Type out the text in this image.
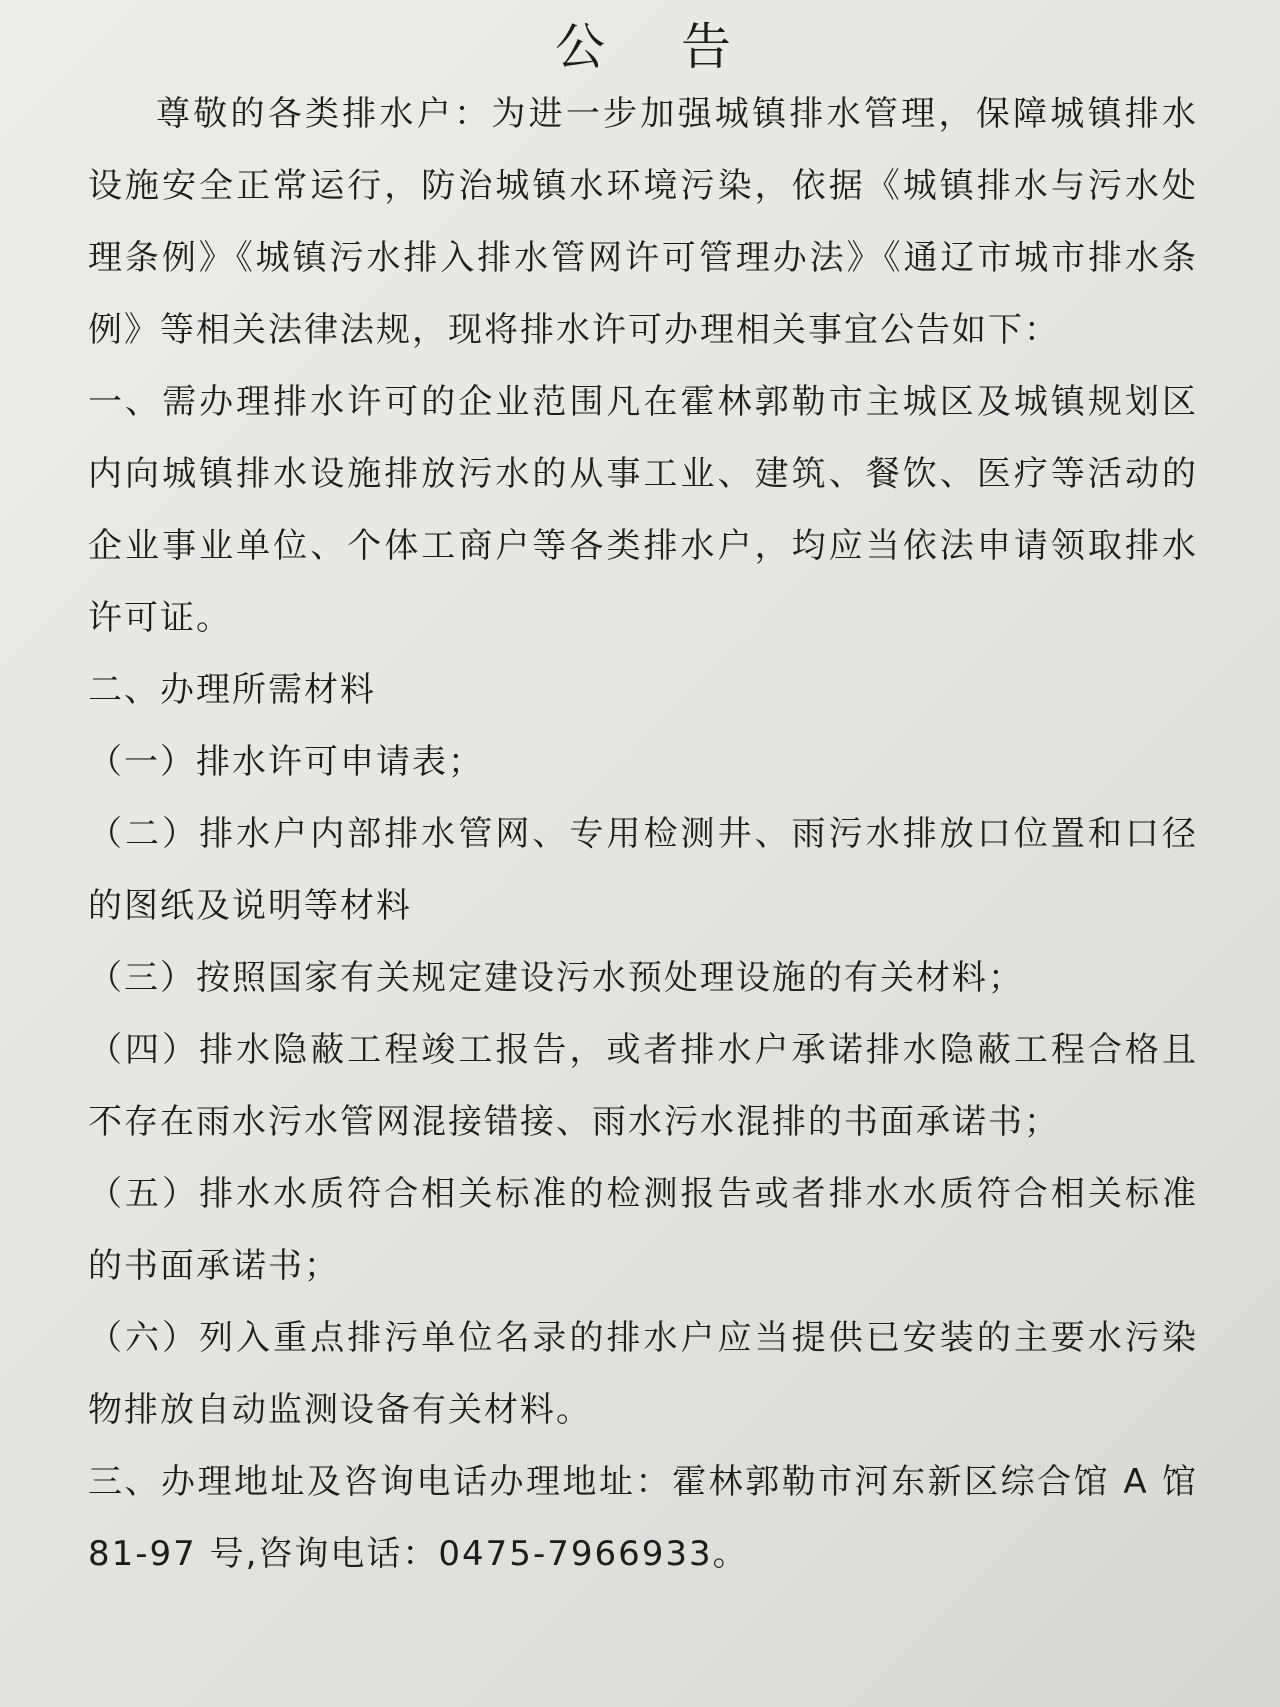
公 告

尊敬的各类排水户：为进一步加强城镇排水管理，保障城镇排水设施安全正常运行，防治城镇水环境污染，依据《城镇排水与污水处理条例》《城镇污水排入排水管网许可管理办法》《通辽市城市排水条例》等相关法律法规，现将排水许可办理相关事宜公告如下：

一、需办理排水许可的企业范围凡在霍林郭勒市主城区及城镇规划区内向城镇排水设施排放污水的从事工业、建筑、餐饮、医疗等活动的企业事业单位、个体工商户等各类排水户，均应当依法申请领取排水许可证。

二、办理所需材料

（一）排水许可申请表；

（二）排水户内部排水管网、专用检测井、雨污水排放口位置和口径的图纸及说明等材料

（三）按照国家有关规定建设污水预处理设施的有关材料；

（四）排水隐蔽工程竣工报告，或者排水户承诺排水隐蔽工程合格且不存在雨水污水管网混接错接、雨水污水混排的书面承诺书；

（五）排水水质符合相关标准的检测报告或者排水水质符合相关标准的书面承诺书；

（六）列入重点排污单位名录的排水户应当提供已安装的主要水污染物排放自动监测设备有关材料。

三、办理地址及咨询电话办理地址：霍林郭勒市河东新区综合馆 A 馆 81-97 号,咨询电话：0475-7966933。
